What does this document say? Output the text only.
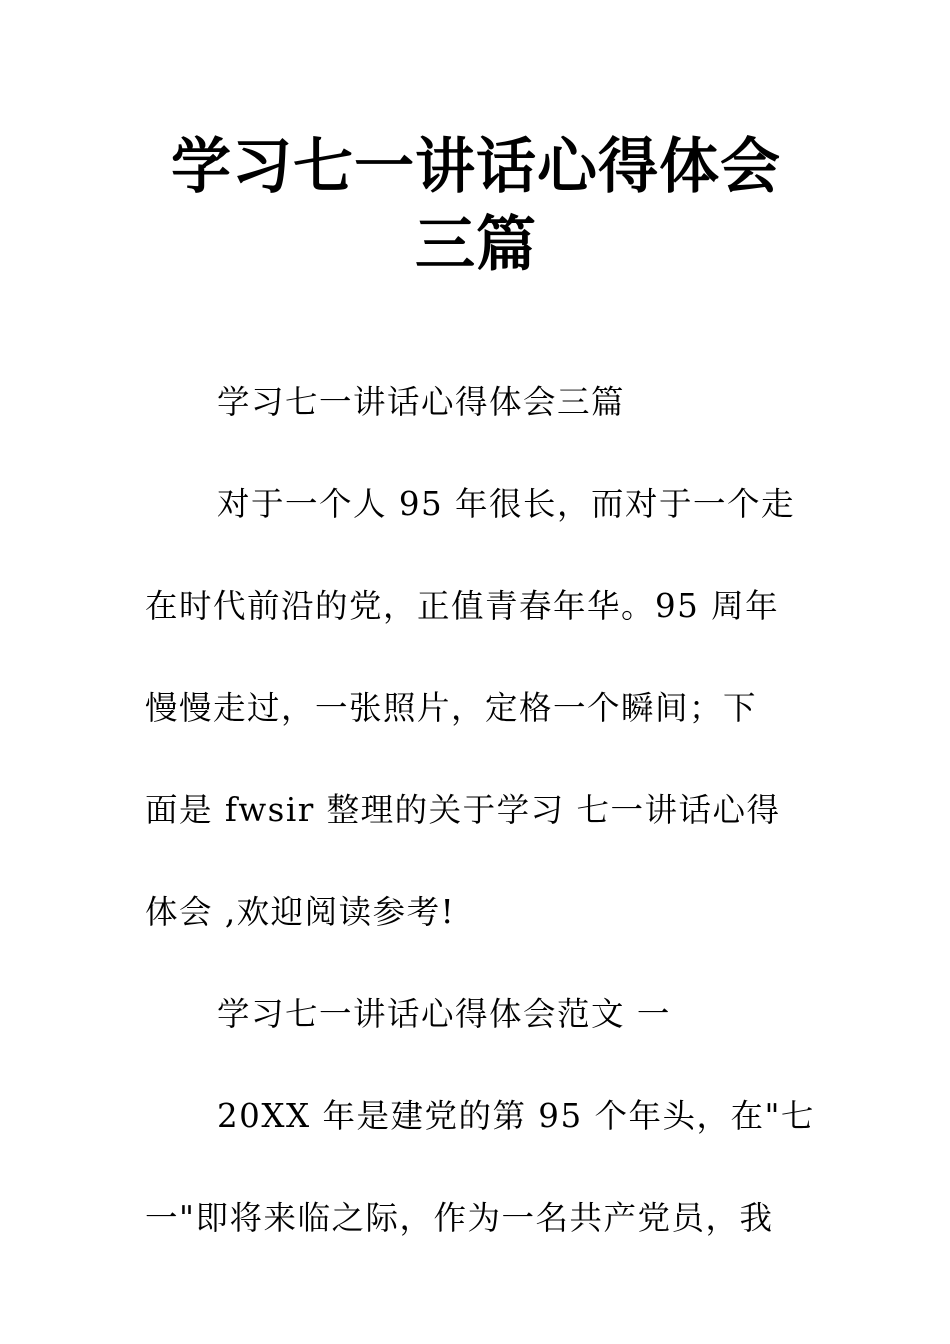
学习七一讲话心得体会三篇
学习七一讲话心得体会三篇
对于一个人 95 年很长，而对于一个走
在时代前沿的党，正值青春年华。95 周年
慢慢走过，一张照片，定格一个瞬间；下
面是 fwsir 整理的关于学习 七一讲话心得
体会 ,欢迎阅读参考!
学习七一讲话心得体会范文 一
20XX 年是建党的第 95 个年头，在"七
一"即将来临之际，作为一名共产党员，我
